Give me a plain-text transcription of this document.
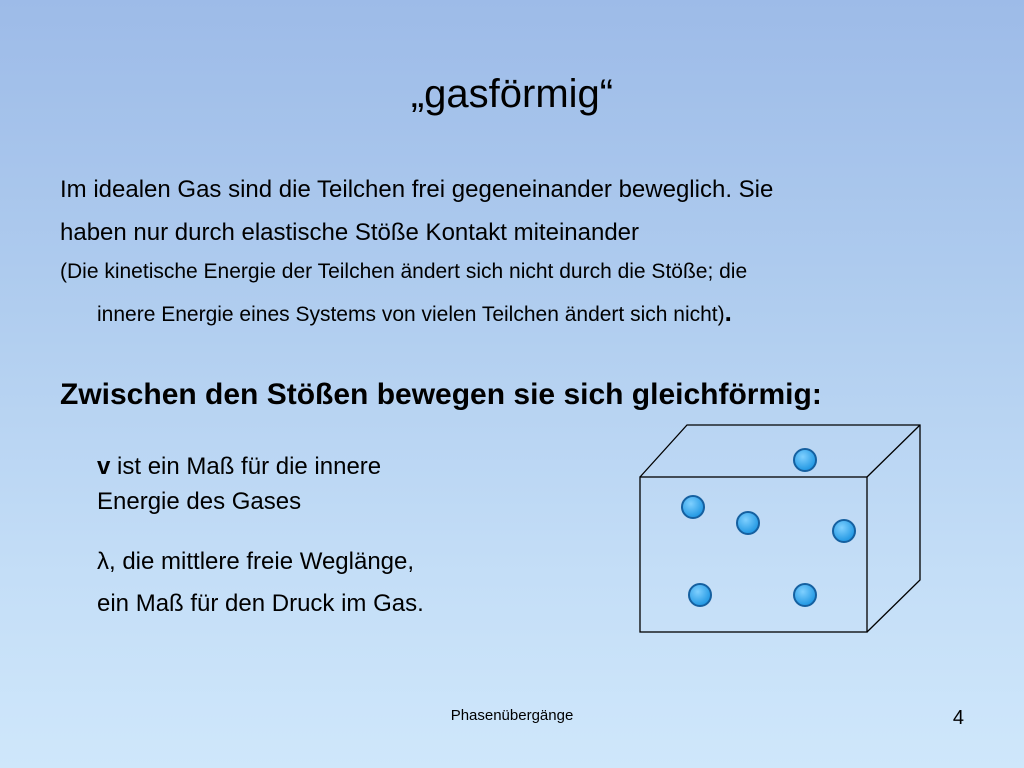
„gasförmig“

Im idealen Gas sind die Teilchen frei gegeneinander beweglich. Sie

haben nur durch elastische Stöße Kontakt miteinander

(Die kinetische Energie der Teilchen ändert sich nicht durch die Stöße; die

innere Energie eines Systems von vielen Teilchen ändert sich nicht).

Zwischen den Stößen bewegen sie sich gleichförmig:

v ist ein Maß für die innere

Energie des Gases

λ, die mittlere freie Weglänge,

ein Maß für den Druck im Gas.

Phasenübergänge	4
